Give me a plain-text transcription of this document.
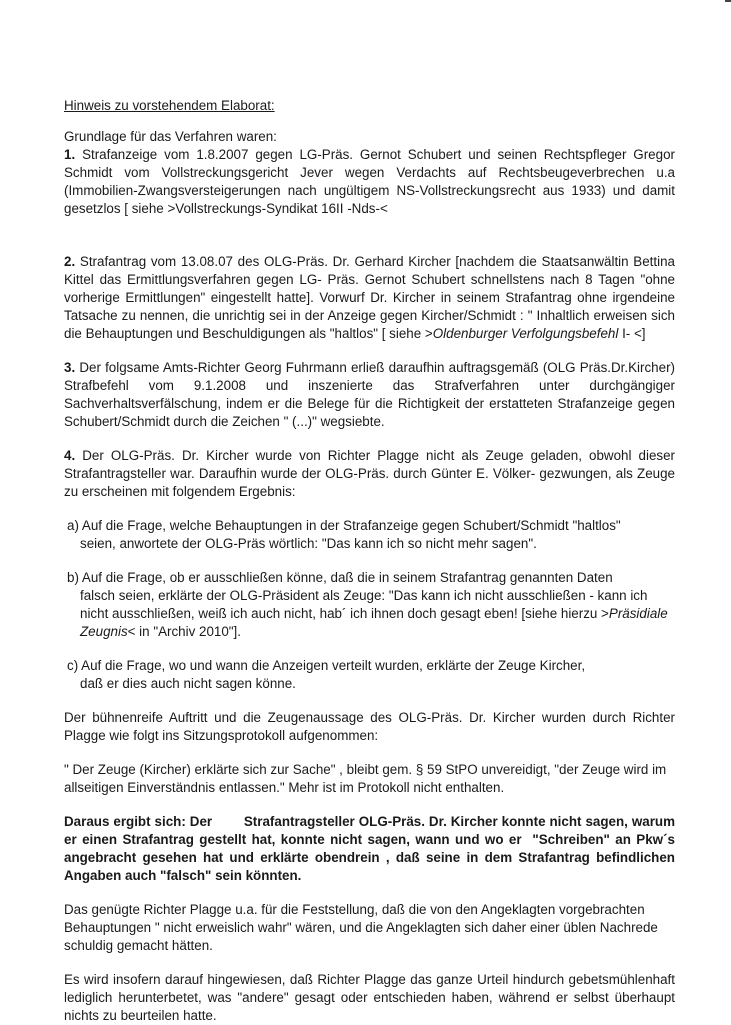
Hinweis zu vorstehendem Elaborat:

Grundlage für das Verfahren waren:

1. Strafanzeige vom 1.8.2007 gegen LG-Präs. Gernot Schubert und seinen Rechtspfleger Gregor Schmidt vom Vollstreckungsgericht Jever wegen Verdachts auf Rechtsbeugeverbrechen u.a (Immobilien-Zwangsversteigerungen nach ungültigem NS-Vollstreckungsrecht aus 1933) und damit gesetzlos [ siehe >Vollstreckungs-Syndikat 16II -Nds-<

2. Strafantrag vom 13.08.07 des OLG-Präs. Dr. Gerhard Kircher [nachdem die Staatsanwältin Bettina Kittel das Ermittlungsverfahren gegen LG- Präs. Gernot Schubert schnellstens nach 8 Tagen "ohne vorherige Ermittlungen" eingestellt hatte]. Vorwurf Dr. Kircher in seinem Strafantrag ohne irgendeine Tatsache zu nennen, die unrichtig sei in der Anzeige gegen Kircher/Schmidt : " Inhaltlich erweisen sich die Behauptungen und Beschuldigungen als "haltlos" [ siehe >Oldenburger Verfolgungsbefehl I- <]

3. Der folgsame Amts-Richter Georg Fuhrmann erließ daraufhin auftragsgemäß (OLG Präs.Dr.Kircher) Strafbefehl vom 9.1.2008 und inszenierte das Strafverfahren unter durchgängiger Sachverhaltsverfälschung, indem er die Belege für die Richtigkeit der erstatteten Strafanzeige gegen Schubert/Schmidt durch die Zeichen " (...)" wegsiebte.

4. Der OLG-Präs. Dr. Kircher wurde von Richter Plagge nicht als Zeuge geladen, obwohl dieser Strafantragsteller war. Daraufhin wurde der OLG-Präs. durch Günter E. Völker- gezwungen, als Zeuge zu erscheinen mit folgendem Ergebnis:

a) Auf die Frage, welche Behauptungen in der Strafanzeige gegen Schubert/Schmidt "haltlos"
seien, anwortete der OLG-Präs wörtlich: "Das kann ich so nicht mehr sagen".

b) Auf die Frage, ob er ausschließen könne, daß die in seinem Strafantrag genannten Daten
falsch seien, erklärte der OLG-Präsident als Zeuge: "Das kann ich nicht ausschließen - kann ich nicht ausschließen, weiß ich auch nicht, hab´ ich ihnen doch gesagt eben! [siehe hierzu >Präsidiale Zeugnis< in "Archiv 2010"].

c) Auf die Frage, wo und wann die Anzeigen verteilt wurden, erklärte der Zeuge Kircher,
daß er dies auch nicht sagen könne.

Der bühnenreife Auftritt und die Zeugenaussage des OLG-Präs. Dr. Kircher wurden durch Richter Plagge wie folgt ins Sitzungsprotokoll aufgenommen:

" Der Zeuge (Kircher) erklärte sich zur Sache" , bleibt gem. § 59 StPO unvereidigt, "der Zeuge wird im allseitigen Einverständnis entlassen." Mehr ist im Protokoll nicht enthalten.

Daraus ergibt sich: Der        Strafantragsteller OLG-Präs. Dr. Kircher konnte nicht sagen, warum er einen Strafantrag gestellt hat, konnte nicht sagen, wann und wo er  "Schreiben" an Pkw´s angebracht gesehen hat und erklärte obendrein , daß seine in dem Strafantrag befindlichen Angaben auch "falsch" sein könnten.

Das genügte Richter Plagge u.a. für die Feststellung, daß die von den Angeklagten vorgebrachten Behauptungen " nicht erweislich wahr" wären, und die Angeklagten sich daher einer üblen Nachrede schuldig gemacht hätten.

Es wird insofern darauf hingewiesen, daß Richter Plagge das ganze Urteil hindurch gebetsmühlenhaft lediglich herunterbetet, was "andere" gesagt oder entschieden haben, während er selbst überhaupt nichts zu beurteilen hatte.
